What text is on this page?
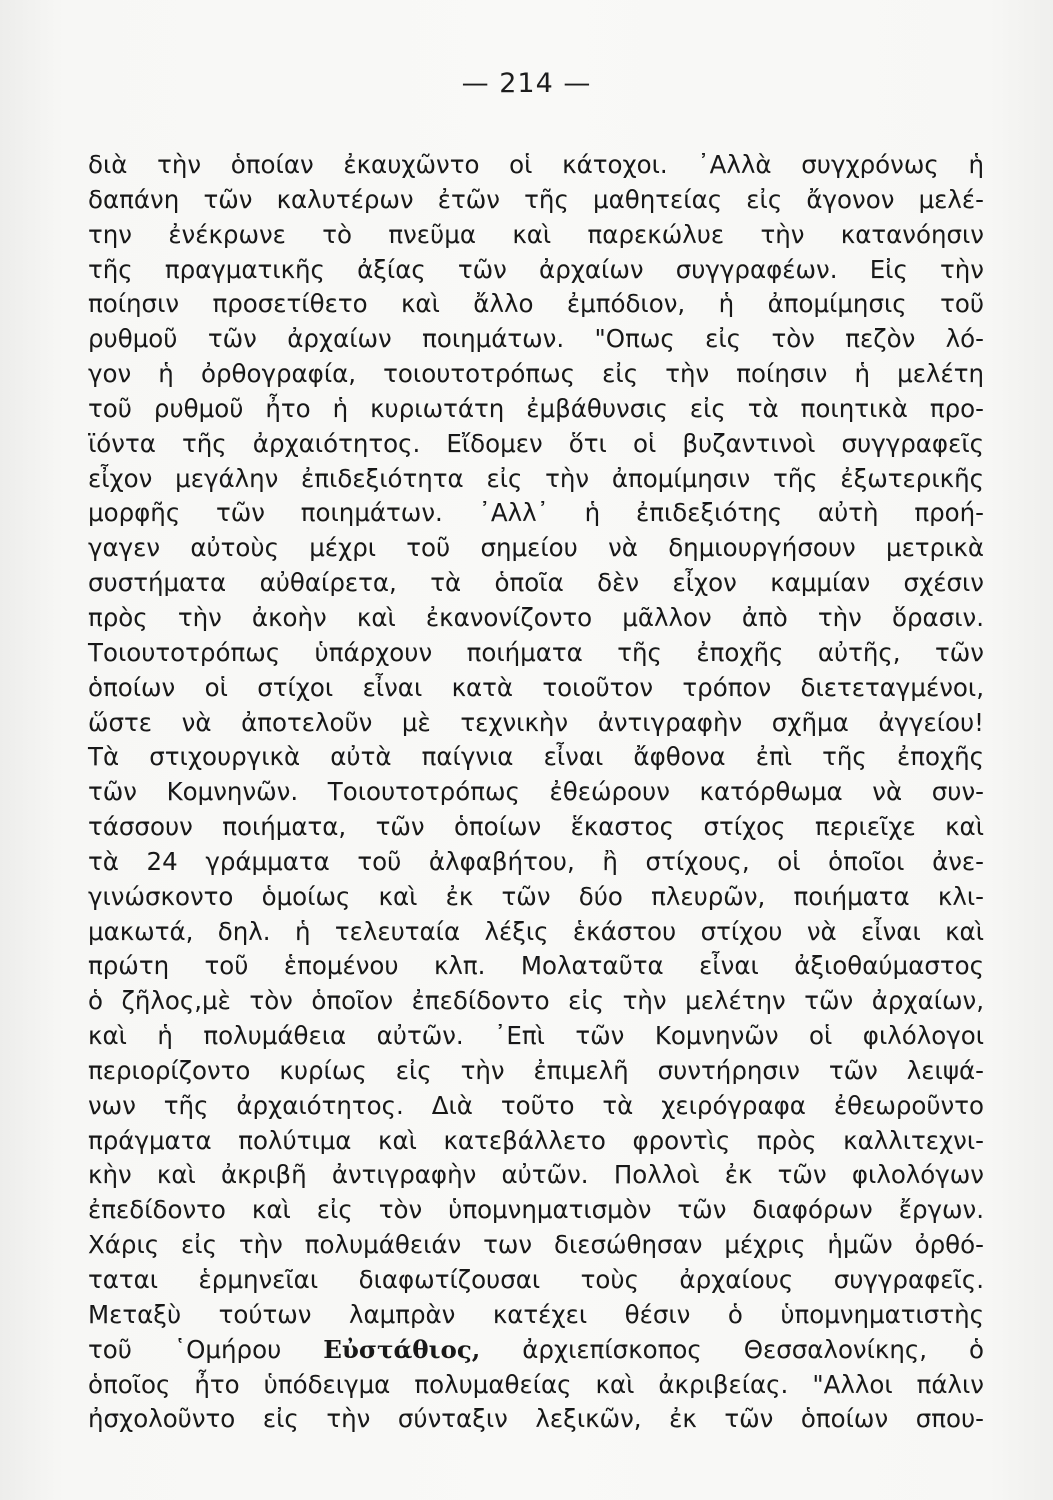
— 214 —
διὰ τὴν ὁποίαν ἐκαυχῶντο οἱ κάτοχοι. ᾿Αλλὰ συγχρόνως ἡ
δαπάνη τῶν καλυτέρων ἐτῶν τῆς μαθητείας εἰς ἄγονον μελέ-
την ἐνέκρωνε τὸ πνεῦμα καὶ παρεκώλυε τὴν κατανόησιν
τῆς πραγματικῆς ἀξίας τῶν ἀρχαίων συγγραφέων. Εἰς τὴν
ποίησιν προσετίθετο καὶ ἄλλο ἐμπόδιον, ἡ ἀπομίμησις τοῦ
ρυθμοῦ τῶν ἀρχαίων ποιημάτων. "Οπως εἰς τὸν πεζὸν λό-
γον ἡ ὀρθογραφία, τοιουτοτρόπως εἰς τὴν ποίησιν ἡ μελέτη
τοῦ ρυθμοῦ ἦτο ἡ κυριωτάτη ἐμβάθυνσις εἰς τὰ ποιητικὰ προ-
ϊόντα τῆς ἀρχαιότητος. Εἴδομεν ὅτι οἱ βυζαντινοὶ συγγραφεῖς
εἶχον μεγάλην ἐπιδεξιότητα εἰς τὴν ἀπομίμησιν τῆς ἐξωτερικῆς
μορφῆς τῶν ποιημάτων. ᾿Αλλ᾿ ἡ ἐπιδεξιότης αὐτὴ προή-
γαγεν αὐτοὺς μέχρι τοῦ σημείου νὰ δημιουργήσουν μετρικὰ
συστήματα αὐθαίρετα, τὰ ὁποῖα δὲν εἶχον καμμίαν σχέσιν
πρὸς τὴν ἀκοὴν καὶ ἐκανονίζοντο μᾶλλον ἀπὸ τὴν ὅρασιν.
Τοιουτοτρόπως ὑπάρχουν ποιήματα τῆς ἐποχῆς αὐτῆς, τῶν
ὁποίων οἱ στίχοι εἶναι κατὰ τοιοῦτον τρόπον διετεταγμένοι,
ὥστε νὰ ἀποτελοῦν μὲ τεχνικὴν ἀντιγραφὴν σχῆμα ἀγγείου!
Τὰ στιχουργικὰ αὐτὰ παίγνια εἶναι ἄφθονα ἐπὶ τῆς ἐποχῆς
τῶν Κομνηνῶν. Τοιουτοτρόπως ἐθεώρουν κατόρθωμα νὰ συν-
τάσσουν ποιήματα, τῶν ὁποίων ἕκαστος στίχος περιεῖχε καὶ
τὰ 24 γράμματα τοῦ ἀλφαβήτου, ἢ στίχους, οἱ ὁποῖοι ἀνε-
γινώσκοντο ὁμοίως καὶ ἐκ τῶν δύο πλευρῶν, ποιήματα κλι-
μακωτά, δηλ. ἡ τελευταία λέξις ἑκάστου στίχου νὰ εἶναι καὶ
πρώτη τοῦ ἑπομένου κλπ. Μολαταῦτα εἶναι ἀξιοθαύμαστος
ὁ ζῆλος,μὲ τὸν ὁποῖον ἐπεδίδοντο εἰς τὴν μελέτην τῶν ἀρχαίων,
καὶ ἡ πολυμάθεια αὐτῶν. ᾿Επὶ τῶν Κομνηνῶν οἱ φιλόλογοι
περιορίζοντο κυρίως εἰς τὴν ἐπιμελῆ συντήρησιν τῶν λειψά-
νων τῆς ἀρχαιότητος. Διὰ τοῦτο τὰ χειρόγραφα ἐθεωροῦντο
πράγματα πολύτιμα καὶ κατεβάλλετο φροντὶς πρὸς καλλιτεχνι-
κὴν καὶ ἀκριβῆ ἀντιγραφὴν αὐτῶν. Πολλοὶ ἐκ τῶν φιλολόγων
ἐπεδίδοντο καὶ εἰς τὸν ὑπομνηματισμὸν τῶν διαφόρων ἔργων.
Χάρις εἰς τὴν πολυμάθειάν των διεσώθησαν μέχρις ἡμῶν ὀρθό-
ταται ἑρμηνεῖαι διαφωτίζουσαι τοὺς ἀρχαίους συγγραφεῖς.
Μεταξὺ τούτων λαμπρὰν κατέχει θέσιν ὁ ὑπομνηματιστὴς
τοῦ ῾Ομήρου Εὐστάθιος, ἀρχιεπίσκοπος Θεσσαλονίκης, ὁ
ὁποῖος ἦτο ὑπόδειγμα πολυμαθείας καὶ ἀκριβείας. "Αλλοι πάλιν
ἠσχολοῦντο εἰς τὴν σύνταξιν λεξικῶν, ἐκ τῶν ὁποίων σπου-
